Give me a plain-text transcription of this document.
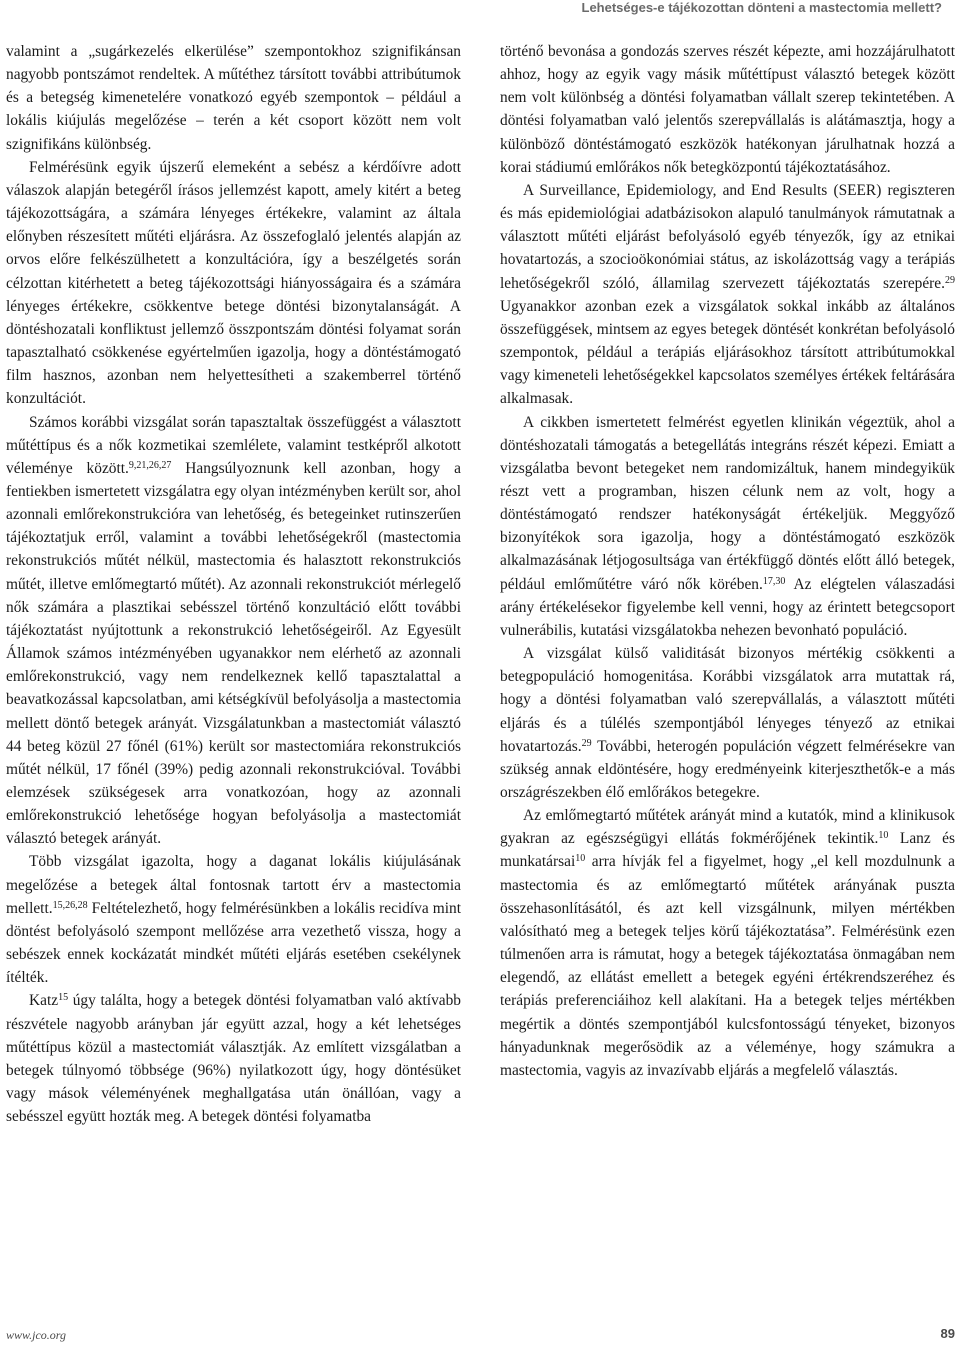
Lehetséges-e tájékozottan dönteni a mastectomia mellett?

valamint a „sugárkezelés elkerülése” szempontokhoz szignifikánsan nagyobb pontszámot rendeltek. A műtéthez társított további attribútumok és a betegség kimenetelére vonatkozó egyéb szempontok – például a lokális kiújulás megelőzése – terén a két csoport között nem volt szignifikáns különbség.

Felmérésünk egyik újszerű elemeként a sebész a kérdőívre adott válaszok alapján betegéről írásos jellemzést kapott, amely kitért a beteg tájékozottságára, a számára lényeges értékekre, valamint az általa előnyben részesített műtéti eljárásra. Az összefoglaló jelentés alapján az orvos előre felkészülhetett a konzultációra, így a beszélgetés során célzottan kitérhetett a beteg tájékozottsági hiányosságaira és a számára lényeges értékekre, csökkentve betege döntési bizonytalanságát. A döntéshozatali konfliktust jellemző összpontszám döntési folyamat során tapasztalható csökkenése egyértelműen igazolja, hogy a döntéstámogató film hasznos, azonban nem helyettesítheti a szakemberrel történő konzultációt.

Számos korábbi vizsgálat során tapasztaltak összefüggést a választott műtéttípus és a nők kozmetikai szemlélete, valamint testképről alkotott véleménye között.$^{9,21,26,27}$ Hangsúlyoznunk kell azonban, hogy a fentiekben ismertetett vizsgálatra egy olyan intézményben került sor, ahol azonnali emlőrekonstrukcióra van lehetőség, és betegeinket rutinszerűen tájékoztatjuk erről, valamint a további lehetőségekről (mastectomia rekonstrukciós műtét nélkül, mastectomia és halasztott rekonstrukciós műtét, illetve emlőmegtartó műtét). Az azonnali rekonstrukciót mérlegelő nők számára a plasztikai sebésszel történő konzultáció előtt további tájékoztatást nyújtottunk a rekonstrukció lehetőségeiről. Az Egyesült Államok számos intézményében ugyanakkor nem elérhető az azonnali emlőrekonstrukció, vagy nem rendelkeznek kellő tapasztalattal a beavatkozással kapcsolatban, ami kétségkívül befolyásolja a mastectomia mellett döntő betegek arányát. Vizsgálatunkban a mastectomiát választó 44 beteg közül 27 főnél (61%) került sor mastectomiára rekonstrukciós műtét nélkül, 17 főnél (39%) pedig azonnali rekonstrukcióval. További elemzések szükségesek arra vonatkozóan, hogy az azonnali emlőrekonstrukció lehetősége hogyan befolyásolja a mastectomiát választó betegek arányát.

Több vizsgálat igazolta, hogy a daganat lokális kiújulásának megelőzése a betegek által fontosnak tartott érv a mastectomia mellett.$^{15,26,28}$ Feltételezhető, hogy felmérésünkben a lokális recidíva mint döntést befolyásoló szempont mellőzése arra vezethető vissza, hogy a sebészek ennek kockázatát mindkét műtéti eljárás esetében csekélynek ítélték.

Katz$^{15}$ úgy találta, hogy a betegek döntési folyamatban való aktívabb részvétele nagyobb arányban jár együtt azzal, hogy a két lehetséges műtéttípus közül a mastectomiát választják. Az említett vizsgálatban a betegek túlnyomó többsége (96%) nyilatkozott úgy, hogy döntésüket vagy mások véleményének meghallgatása után önállóan, vagy a sebésszel együtt hozták meg. A betegek döntési folyamatba

történő bevonása a gondozás szerves részét képezte, ami hozzájárulhatott ahhoz, hogy az egyik vagy másik műtéttípust választó betegek között nem volt különbség a döntési folyamatban vállalt szerep tekintetében. A döntési folyamatban való jelentős szerepvállalás is alátámasztja, hogy a különböző döntéstámogató eszközök hatékonyan járulhatnak hozzá a korai stádiumú emlőrákos nők betegközpontú tájékoztatásához.

A Surveillance, Epidemiology, and End Results (SEER) regiszteren és más epidemiológiai adatbázisokon alapuló tanulmányok rámutatnak a választott műtéti eljárást befolyásoló egyéb tényezők, így az etnikai hovatartozás, a szocioökonómiai státus, az iskolázottság vagy a terápiás lehetőségekről szóló, államilag szervezett tájékoztatás szerepére.$^{29}$ Ugyanakkor azonban ezek a vizsgálatok sokkal inkább az általános összefüggések, mintsem az egyes betegek döntését konkrétan befolyásoló szempontok, például a terápiás eljárásokhoz társított attribútumokkal vagy kimeneteli lehetőségekkel kapcsolatos személyes értékek feltárására alkalmasak.

A cikkben ismertetett felmérést egyetlen klinikán végeztük, ahol a döntéshozatali támogatás a betegellátás integráns részét képezi. Emiatt a vizsgálatba bevont betegeket nem randomizáltuk, hanem mindegyikük részt vett a programban, hiszen célunk nem az volt, hogy a döntéstámogató rendszer hatékonyságát értékeljük. Meggyőző bizonyítékok sora igazolja, hogy a döntéstámogató eszközök alkalmazásának létjogosultsága van értékfüggő döntés előtt álló betegek, például emlőműtétre váró nők körében.$^{17,30}$ Az elégtelen válaszadási arány értékelésekor figyelembe kell venni, hogy az érintett betegcsoport vulnerábilis, kutatási vizsgálatokba nehezen bevonható populáció.

A vizsgálat külső validitását bizonyos mértékig csökkenti a betegpopuláció homogenitása. Korábbi vizsgálatok arra mutattak rá, hogy a döntési folyamatban való szerepvállalás, a választott műtéti eljárás és a túlélés szempontjából lényeges tényező az etnikai hovatartozás.$^{29}$ További, heterogén populáción végzett felmérésekre van szükség annak eldöntésére, hogy eredményeink kiterjeszthetők-e a más országrészekben élő emlőrákos betegekre.

Az emlőmegtartó műtétek arányát mind a kutatók, mind a klinikusok gyakran az egészségügyi ellátás fokmérőjének tekintik.$^{10}$ Lanz és munkatársai$^{10}$ arra hívják fel a figyelmet, hogy „el kell mozdulnunk a mastectomia és az emlőmegtartó műtétek arányának puszta összehasonlításától, és azt kell vizsgálnunk, milyen mértékben valósítható meg a betegek teljes körű tájékoztatása”. Felmérésünk ezen túlmenően arra is rámutat, hogy a betegek tájékoztatása önmagában nem elegendő, az ellátást emellett a betegek egyéni értékrendszeréhez és terápiás preferenciáihoz kell alakítani. Ha a betegek teljes mértékben megértik a döntés szempontjából kulcsfontosságú tényeket, bizonyos hányadunknak megerősödik az a véleménye, hogy számukra a mastectomia, vagyis az invazívabb eljárás a megfelelő választás.

www.jco.org	89
